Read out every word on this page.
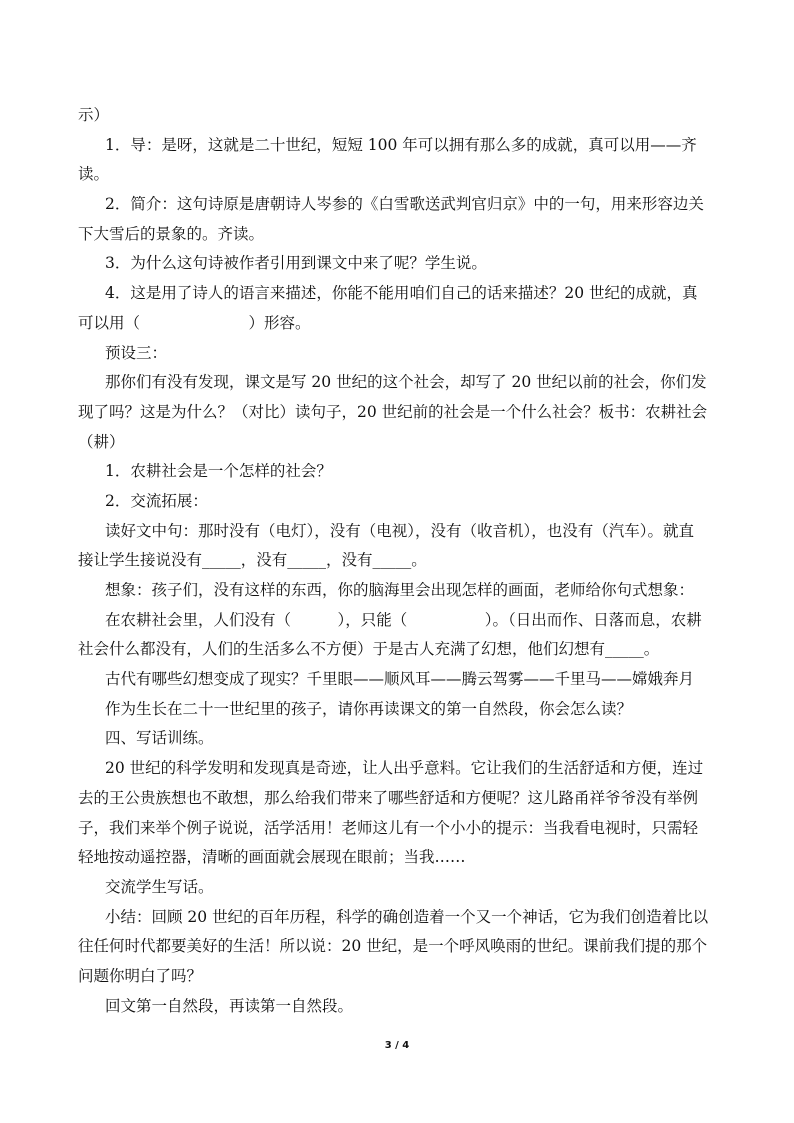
示）
1．导：是呀，这就是二十世纪，短短 100 年可以拥有那么多的成就，真可以用——齐
读。
2．简介：这句诗原是唐朝诗人岑参的《白雪歌送武判官归京》中的一句，用来形容边关
下大雪后的景象的。齐读。
3．为什么这句诗被作者引用到课文中来了呢？学生说。
4．这是用了诗人的语言来描述，你能不能用咱们自己的话来描述？20 世纪的成就，真
可以用（　　　　　　　）形容。
预设三：
那你们有没有发现，课文是写 20 世纪的这个社会，却写了 20 世纪以前的社会，你们发
现了吗？这是为什么？（对比）读句子，20 世纪前的社会是一个什么社会？板书：农耕社会
（耕）
1．农耕社会是一个怎样的社会？
2．交流拓展：
读好文中句：那时没有（电灯），没有（电视），没有（收音机），也没有（汽车）。就直
接让学生接说没有_____，没有_____，没有_____。
想象：孩子们，没有这样的东西，你的脑海里会出现怎样的画面，老师给你句式想象：
在农耕社会里，人们没有（　　　），只能（　　　　　）。（日出而作、日落而息，农耕
社会什么都没有，人们的生活多么不方便）于是古人充满了幻想，他们幻想有_____。
古代有哪些幻想变成了现实？千里眼——顺风耳——腾云驾雾——千里马——嫦娥奔月
作为生长在二十一世纪里的孩子，请你再读课文的第一自然段，你会怎么读？
四、写话训练。
20 世纪的科学发明和发现真是奇迹，让人出乎意料。它让我们的生活舒适和方便，连过
去的王公贵族想也不敢想，那么给我们带来了哪些舒适和方便呢？这儿路甬祥爷爷没有举例
子，我们来举个例子说说，活学活用！老师这儿有一个小小的提示：当我看电视时，只需轻
轻地按动遥控器，清晰的画面就会展现在眼前；当我……
交流学生写话。
小结：回顾 20 世纪的百年历程，科学的确创造着一个又一个神话，它为我们创造着比以
往任何时代都要美好的生活！所以说：20 世纪，是一个呼风唤雨的世纪。课前我们提的那个
问题你明白了吗？
回文第一自然段，再读第一自然段。
3 / 4
